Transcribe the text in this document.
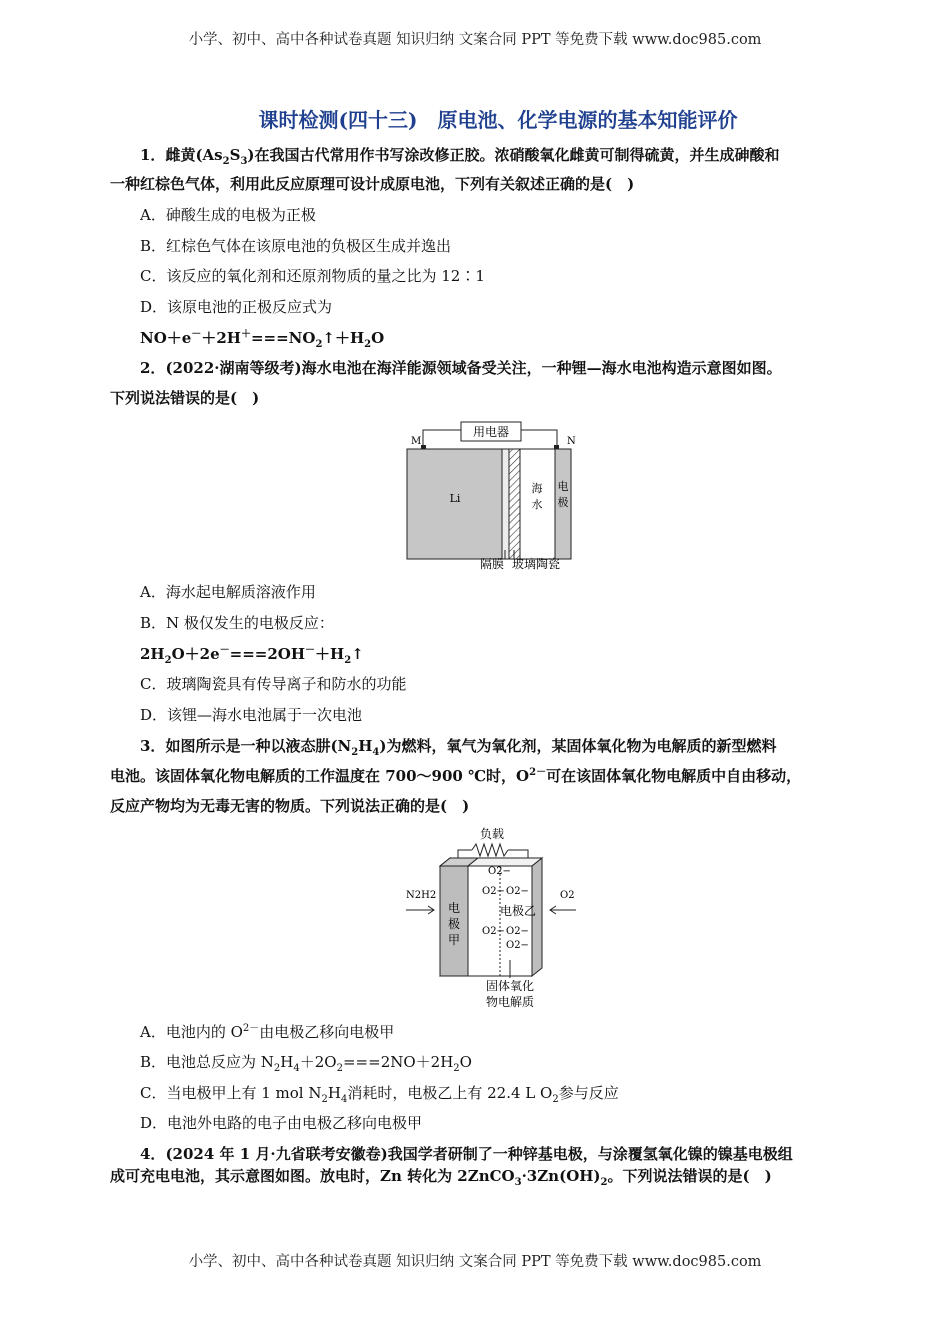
小学、初中、高中各种试卷真题 知识归纳 文案合同 PPT 等免费下载 www.doc985.com
课时检测(四十三)　原电池、化学电源的基本知能评价
1．雌黄$(As_2S_3)$在我国古代常用作书写涂改修正胶。浓硝酸氧化雌黄可制得硫黄，并生成砷酸和
一种红棕色气体，利用此反应原理可设计成原电池，下列有关叙述正确的是(　)
A．砷酸生成的电极为正极
B．红棕色气体在该原电池的负极区生成并逸出
C．该反应的氧化剂和还原剂物质的量之比为 12∶1
D．该原电池的正极反应式为
$NO+e^-+2H^+===NO_2↑+H_2O$
2．(2022·湖南等级考)海水电池在海洋能源领域备受关注，一种锂—海水电池构造示意图如图。
下列说法错误的是(　)
用电器
M	N
Li
海
水
电
极
隔膜 玻璃陶瓷
A．海水起电解质溶液作用
B．N 极仅发生的电极反应：
$2H_2O+2e^-===2OH^-+H_2↑$
C．玻璃陶瓷具有传导离子和防水的功能
D．该锂—海水电池属于一次电池
3．如图所示是一种以液态肼$(N_2H_4)$为燃料，氧气为氧化剂，某固体氧化物为电解质的新型燃料
电池。该固体氧化物电解质的工作温度在 700～900 ℃时，$O^{2-}$可在该固体氧化物电解质中自由移动，
反应产物均为无毒无害的物质。下列说法正确的是(　)
负载
电
极
甲
O2−
O2− O2−
电极乙
O2− O2−
O2−
N2H2	O2
固体氧化
物电解质
A．电池内的 $O^{2-}$由电极乙移向电极甲
B．电池总反应为 $N_2H_4+2O_2===2NO+2H_2O$
C．当电极甲上有 1 mol $N_2H_4$消耗时，电极乙上有 22.4 L $O_2$参与反应
D．电池外电路的电子由电极乙移向电极甲
4．(2024 年 1 月·九省联考安徽卷)我国学者研制了一种锌基电极，与涂覆氢氧化镍的镍基电极组
成可充电电池，其示意图如图。放电时，Zn 转化为 $2ZnCO_3\cdot 3Zn(OH)_2$。下列说法错误的是(　)
小学、初中、高中各种试卷真题 知识归纳 文案合同 PPT 等免费下载 www.doc985.com
